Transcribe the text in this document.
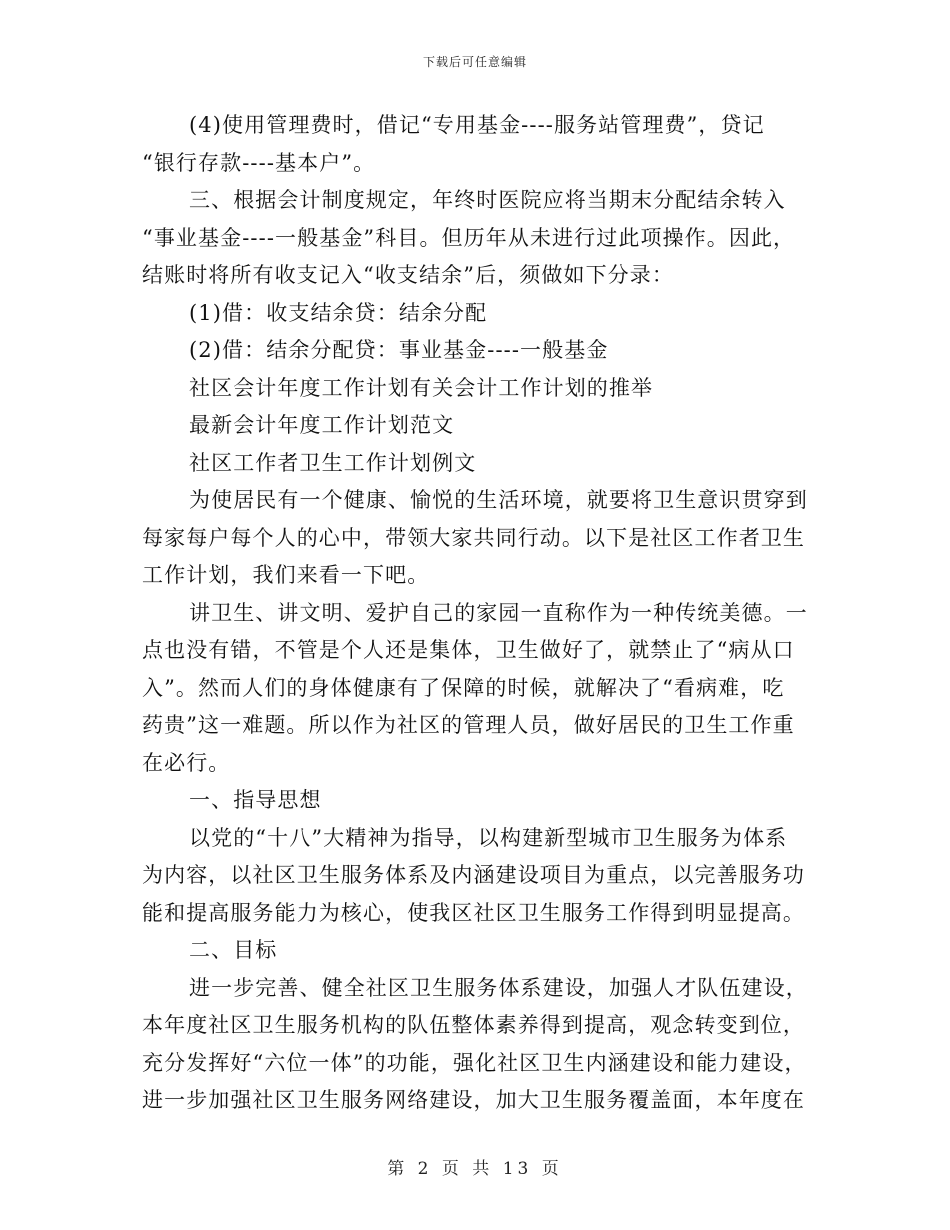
下载后可任意编辑
(4)使用管理费时，借记“专用基金----服务站管理费”，贷记
“银行存款----基本户”。
三、根据会计制度规定，年终时医院应将当期末分配结余转入
“事业基金----一般基金”科目。但历年从未进行过此项操作。因此，
结账时将所有收支记入“收支结余”后，须做如下分录：
(1)借：收支结余贷：结余分配
(2)借：结余分配贷：事业基金----一般基金
社区会计年度工作计划有关会计工作计划的推举
最新会计年度工作计划范文
社区工作者卫生工作计划例文
为使居民有一个健康、愉悦的生活环境，就要将卫生意识贯穿到
每家每户每个人的心中，带领大家共同行动。以下是社区工作者卫生
工作计划，我们来看一下吧。
讲卫生、讲文明、爱护自己的家园一直称作为一种传统美德。一
点也没有错，不管是个人还是集体，卫生做好了，就禁止了“病从口
入”。然而人们的身体健康有了保障的时候，就解决了“看病难，吃
药贵”这一难题。所以作为社区的管理人员，做好居民的卫生工作重
在必行。
一、指导思想
以党的“十八”大精神为指导，以构建新型城市卫生服务为体系
为内容，以社区卫生服务体系及内涵建设项目为重点，以完善服务功
能和提高服务能力为核心，使我区社区卫生服务工作得到明显提高。
二、目标
进一步完善、健全社区卫生服务体系建设，加强人才队伍建设，
本年度社区卫生服务机构的队伍整体素养得到提高，观念转变到位，
充分发挥好“六位一体”的功能，强化社区卫生内涵建设和能力建设，
进一步加强社区卫生服务网络建设，加大卫生服务覆盖面，本年度在
第 2 页 共 13 页
